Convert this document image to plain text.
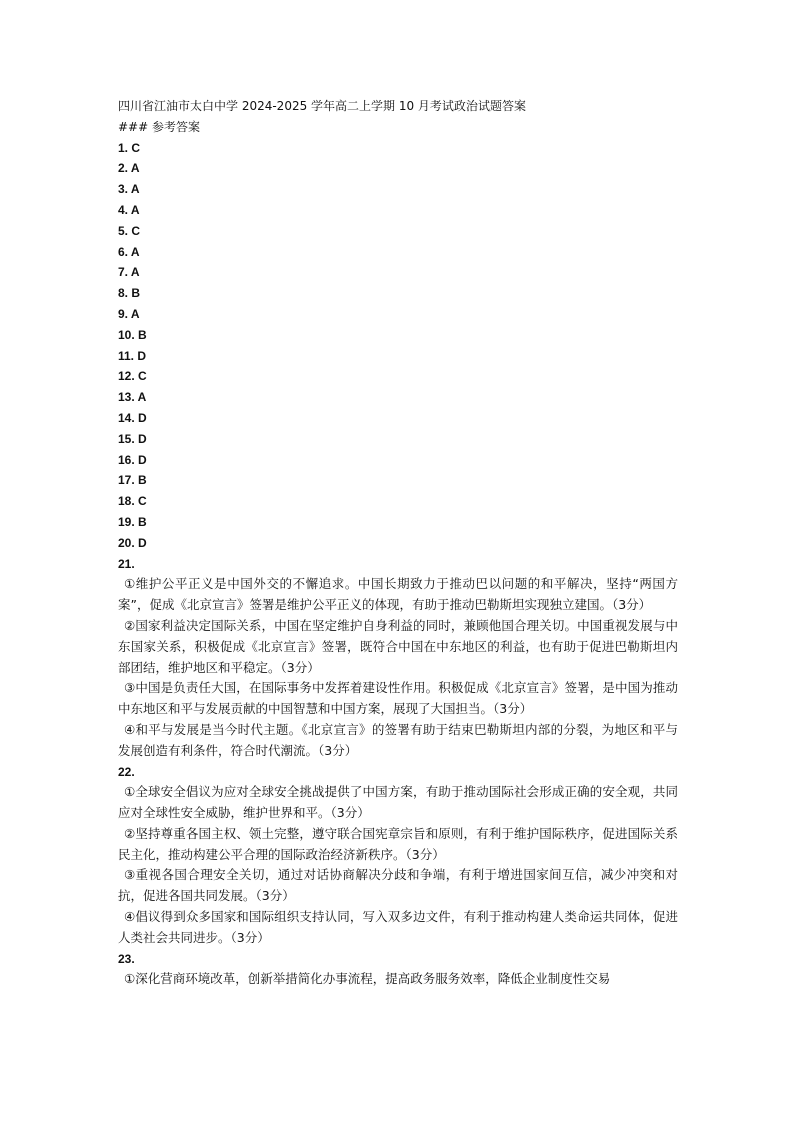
四川省江油市太白中学 2024-2025 学年高二上学期 10 月考试政治试题答案
### 参考答案
1. C
2. A
3. A
4. A
5. C
6. A
7. A
8. B
9. A
10. B
11. D
12. C
13. A
14. D
15. D
16. D
17. B
18. C
19. B
20. D
21.

①维护公平正义是中国外交的不懈追求。中国长期致力于推动巴以问题的和平解决，坚持“两国方案”，促成《北京宣言》签署是维护公平正义的体现，有助于推动巴勒斯坦实现独立建国。（3分）

②国家利益决定国际关系，中国在坚定维护自身利益的同时，兼顾他国合理关切。中国重视发展与中东国家关系，积极促成《北京宣言》签署，既符合中国在中东地区的利益，也有助于促进巴勒斯坦内部团结，维护地区和平稳定。（3分）

③中国是负责任大国，在国际事务中发挥着建设性作用。积极促成《北京宣言》签署，是中国为推动中东地区和平与发展贡献的中国智慧和中国方案，展现了大国担当。（3分）

④和平与发展是当今时代主题。《北京宣言》的签署有助于结束巴勒斯坦内部的分裂，为地区和平与发展创造有利条件，符合时代潮流。（3分）

22.

①全球安全倡议为应对全球安全挑战提供了中国方案，有助于推动国际社会形成正确的安全观，共同应对全球性安全威胁，维护世界和平。（3分）

②坚持尊重各国主权、领土完整，遵守联合国宪章宗旨和原则，有利于维护国际秩序，促进国际关系民主化，推动构建公平合理的国际政治经济新秩序。（3分）

③重视各国合理安全关切，通过对话协商解决分歧和争端，有利于增进国家间互信，减少冲突和对抗，促进各国共同发展。（3分）

④倡议得到众多国家和国际组织支持认同，写入双多边文件，有利于推动构建人类命运共同体，促进人类社会共同进步。（3分）

23.

①深化营商环境改革，创新举措简化办事流程，提高政务服务效率，降低企业制度性交易
